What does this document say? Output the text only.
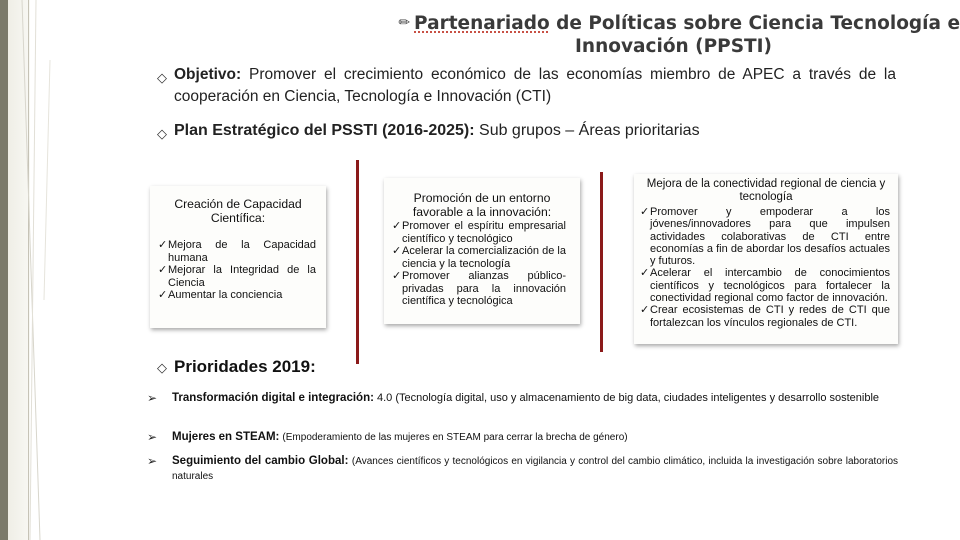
✏ Partenariado de Políticas sobre Ciencia Tecnología e

Innovación (PPSTI)

◇ Objetivo: Promover el crecimiento económico de las economías miembro de APEC a través de la cooperación en Ciencia, Tecnología e Innovación (CTI)
◇ Plan Estratégico del PSSTI (2016-2025): Sub grupos – Áreas prioritarias

Creación de Capacidad Científica:

✓ Mejora de la Capacidad humana
✓ Mejorar la Integridad de la Ciencia
✓ Aumentar la conciencia

Promoción de un entorno favorable a la innovación:

✓ Promover el espíritu empresarial científico y tecnológico
✓ Acelerar la comercialización de la ciencia y la tecnología
✓ Promover alianzas público-privadas para la innovación científica y tecnológica

Mejora de la conectividad regional de ciencia y tecnología

✓ Promover y empoderar a los jóvenes/innovadores para que impulsen actividades colaborativas de CTI entre economías a fin de abordar los desafíos actuales y futuros.
✓ Acelerar el intercambio de conocimientos científicos y tecnológicos para fortalecer la conectividad regional como factor de innovación.
✓ Crear ecosistemas de CTI y redes de CTI que fortalezcan los vínculos regionales de CTI.
◇ Prioridades 2019:
➢ Transformación digital e integración: 4.0 (Tecnología digital, uso y almacenamiento de big data, ciudades inteligentes y desarrollo sostenible
➢ Mujeres en STEAM: (Empoderamiento de las mujeres en STEAM para cerrar la brecha de género)
➢ Seguimiento del cambio Global: (Avances científicos y tecnológicos en vigilancia y control del cambio climático, incluida la investigación sobre laboratorios naturales
